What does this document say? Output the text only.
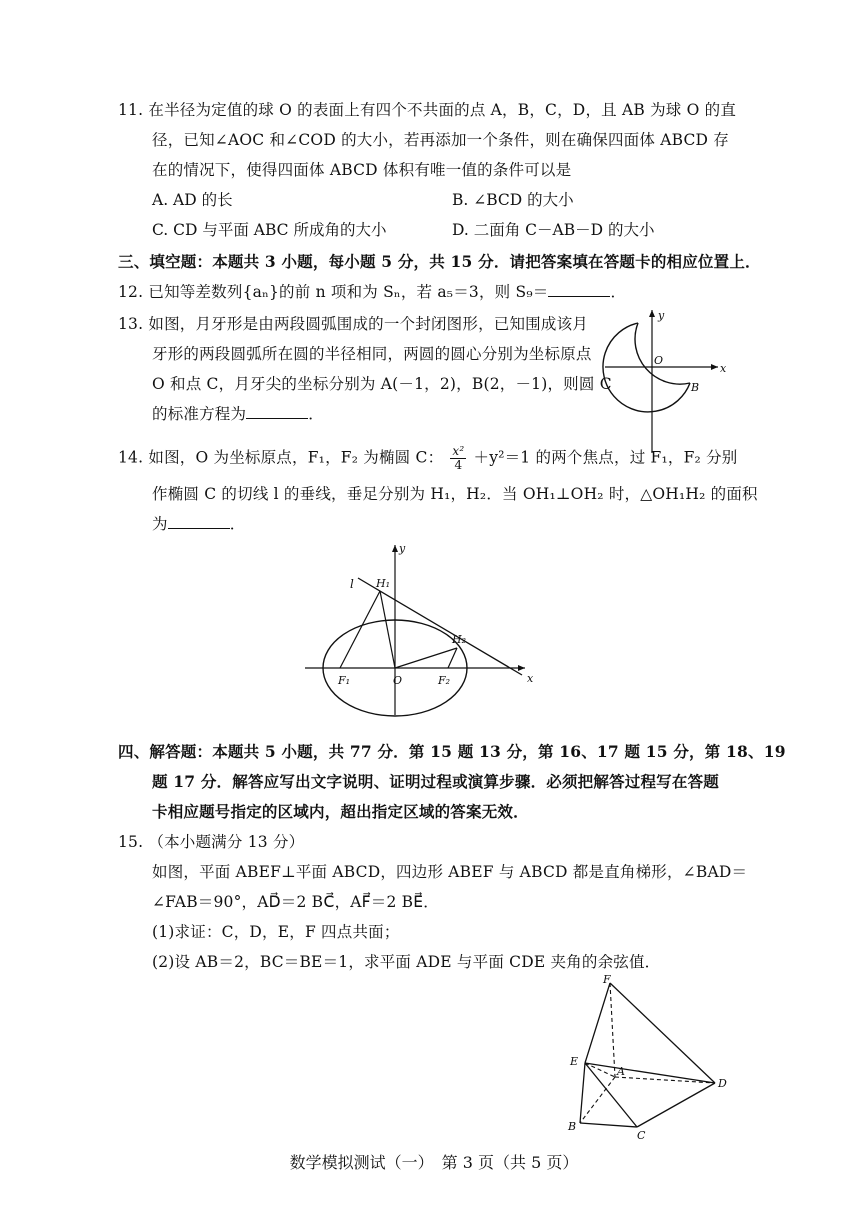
11. 在半径为定值的球 O 的表面上有四个不共面的点 A，B，C，D，且 AB 为球 O 的直
径，已知∠AOC 和∠COD 的大小，若再添加一个条件，则在确保四面体 ABCD 存
在的情况下，使得四面体 ABCD 体积有唯一值的条件可以是
A. AD 的长	B. ∠BCD 的大小
C. CD 与平面 ABC 所成角的大小	D. 二面角 C－AB－D 的大小
三、填空题：本题共 3 小题，每小题 5 分，共 15 分．请把答案填在答题卡的相应位置上．
12. 已知等差数列{aₙ}的前 n 项和为 Sₙ，若 a₅＝3，则 S₉＝	．
13. 如图，月牙形是由两段圆弧围成的一个封闭图形，已知围成该月
牙形的两段圆弧所在圆的半径相同，两圆的圆心分别为坐标原点
O 和点 C，月牙尖的坐标分别为 A(－1，2)，B(2，－1)，则圆 C
的标准方程为	．
y
O
x
B
14. 如图，O 为坐标原点，F₁，F₂ 为椭圆 C： $\frac{\text{x²}}{4} +y^2=1$ 的两个焦点，过 F₁，F₂ 分别
作椭圆 C 的切线 l 的垂线，垂足分别为 H₁，H₂．当 OH₁⊥OH₂ 时，△OH₁H₂ 的面积
为	．
y
l H₁
H₂
F₁	O	F₂	x
四、解答题：本题共 5 小题，共 77 分．第 15 题 13 分，第 16、17 题 15 分，第 18、19
题 17 分．解答应写出文字说明、证明过程或演算步骤．必须把解答过程写在答题
卡相应题号指定的区域内，超出指定区域的答案无效．
15. （本小题满分 13 分）
如图，平面 ABEF⊥平面 ABCD，四边形 ABEF 与 ABCD 都是直角梯形，∠BAD＝
∠FAB＝90°，AD⃗＝2 BC⃗，AF⃗＝2 BE⃗．
(1)求证：C，D，E，F 四点共面；
(2)设 AB＝2，BC＝BE＝1，求平面 ADE 与平面 CDE 夹角的余弦值．
F
E
A
D
B
C
数学模拟测试（一）　第 3 页（共 5 页）
